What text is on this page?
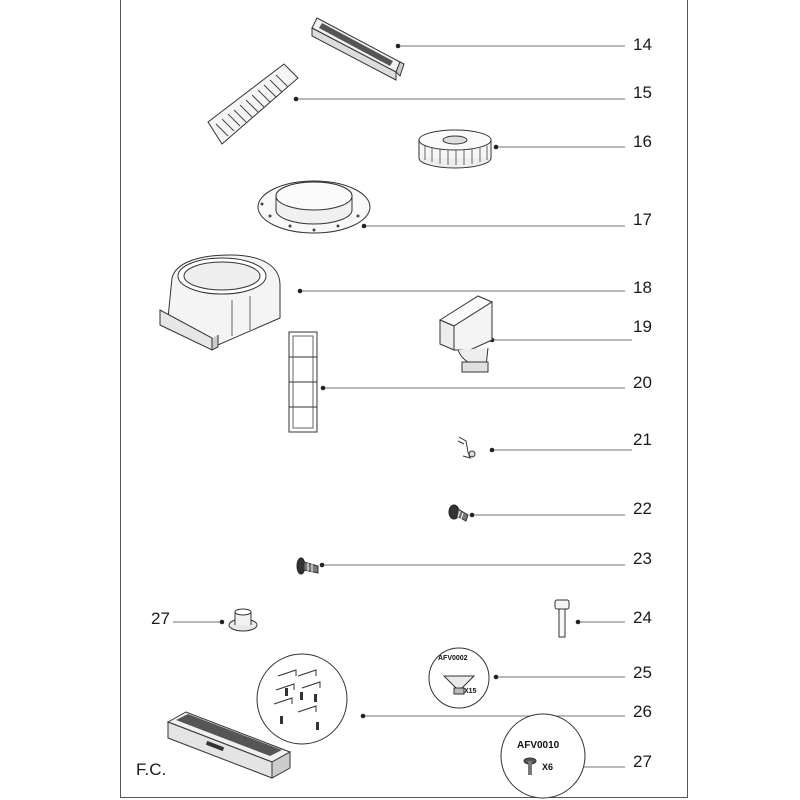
14
15
16
17
18
19
20
21
22
23
27	24
25
26
27
F.C.
AFV0002
X15
AFV0010
X6
